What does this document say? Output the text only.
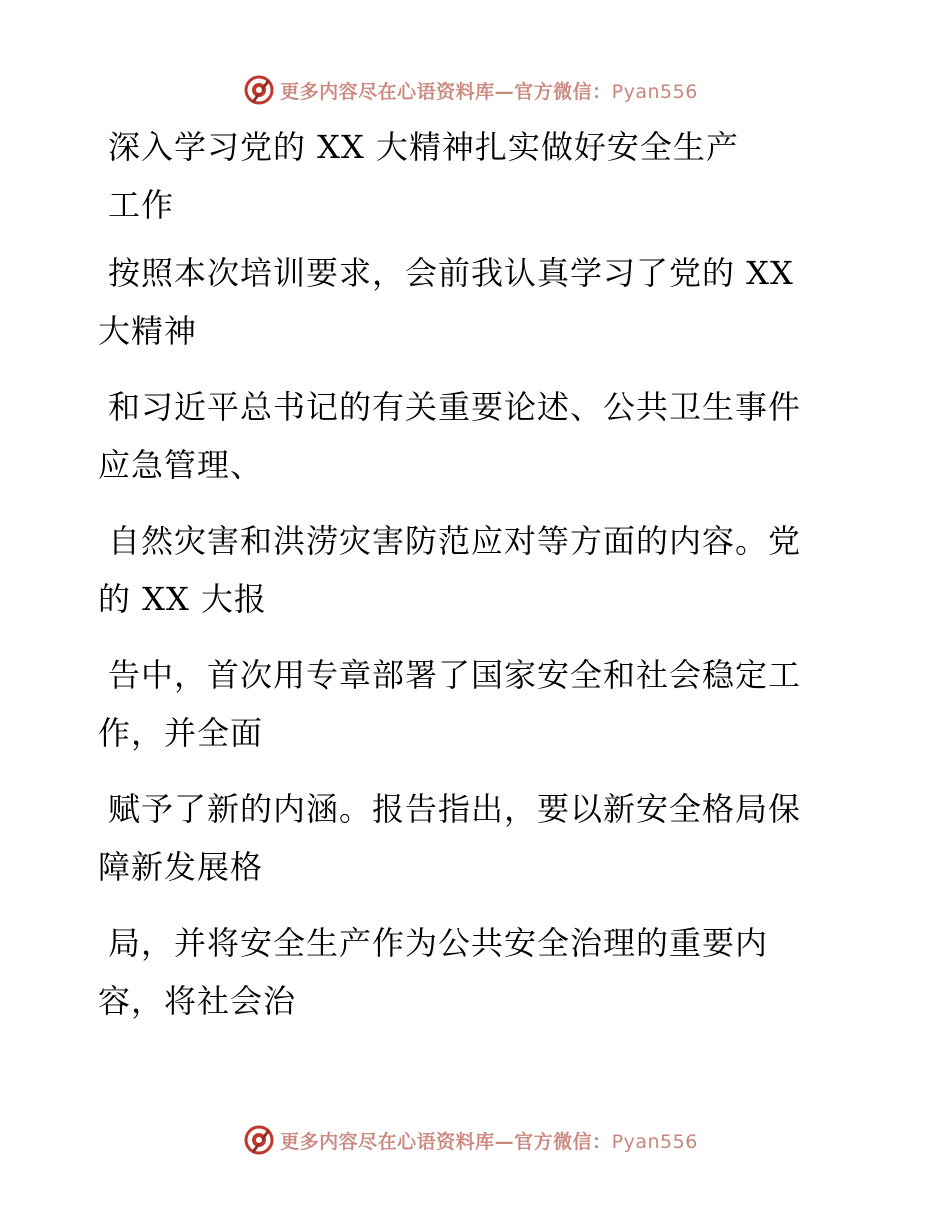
更多内容尽在心语资料库—官方微信：Pyan556
深入学习党的 XX 大精神扎实做好安全生产
工作
按照本次培训要求，会前我认真学习了党的 XX
大精神
和习近平总书记的有关重要论述、公共卫生事件
应急管理、
自然灾害和洪涝灾害防范应对等方面的内容。党
的 XX 大报
告中，首次用专章部署了国家安全和社会稳定工
作，并全面
赋予了新的内涵。报告指出，要以新安全格局保
障新发展格
局，并将安全生产作为公共安全治理的重要内
容，将社会治
更多内容尽在心语资料库—官方微信：Pyan556
